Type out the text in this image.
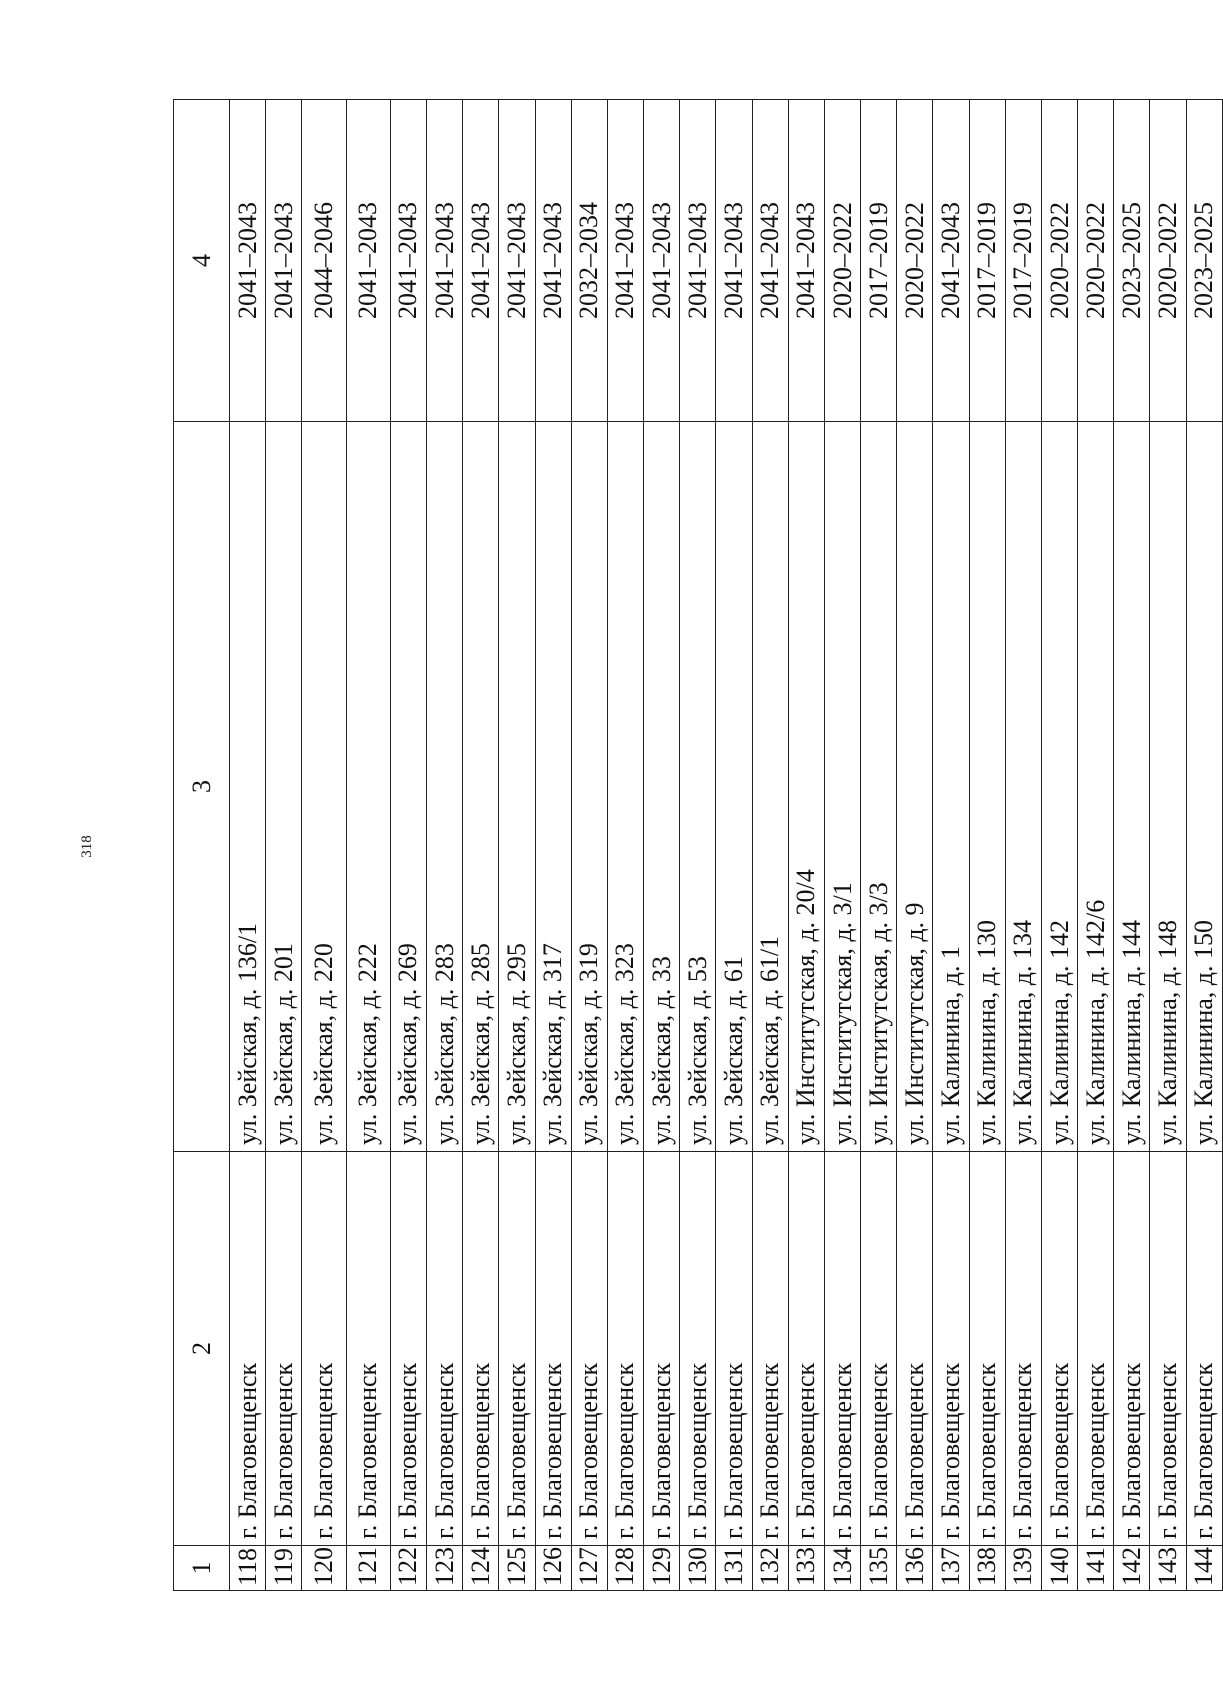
318
1	2	3	4
118	г. Благовещенск	ул. Зейская, д. 136/1	2041–2043
119	г. Благовещенск	ул. Зейская, д. 201	2041–2043
120	г. Благовещенск	ул. Зейская, д. 220	2044–2046
121	г. Благовещенск	ул. Зейская, д. 222	2041–2043
122	г. Благовещенск	ул. Зейская, д. 269	2041–2043
123	г. Благовещенск	ул. Зейская, д. 283	2041–2043
124	г. Благовещенск	ул. Зейская, д. 285	2041–2043
125	г. Благовещенск	ул. Зейская, д. 295	2041–2043
126	г. Благовещенск	ул. Зейская, д. 317	2041–2043
127	г. Благовещенск	ул. Зейская, д. 319	2032–2034
128	г. Благовещенск	ул. Зейская, д. 323	2041–2043
129	г. Благовещенск	ул. Зейская, д. 33	2041–2043
130	г. Благовещенск	ул. Зейская, д. 53	2041–2043
131	г. Благовещенск	ул. Зейская, д. 61	2041–2043
132	г. Благовещенск	ул. Зейская, д. 61/1	2041–2043
133	г. Благовещенск	ул. Институтская, д. 20/4	2041–2043
134	г. Благовещенск	ул. Институтская, д. 3/1	2020–2022
135	г. Благовещенск	ул. Институтская, д. 3/3	2017–2019
136	г. Благовещенск	ул. Институтская, д. 9	2020–2022
137	г. Благовещенск	ул. Калинина, д. 1	2041–2043
138	г. Благовещенск	ул. Калинина, д. 130	2017–2019
139	г. Благовещенск	ул. Калинина, д. 134	2017–2019
140	г. Благовещенск	ул. Калинина, д. 142	2020–2022
141	г. Благовещенск	ул. Калинина, д. 142/6	2020–2022
142	г. Благовещенск	ул. Калинина, д. 144	2023–2025
143	г. Благовещенск	ул. Калинина, д. 148	2020–2022
144	г. Благовещенск	ул. Калинина, д. 150	2023–2025
